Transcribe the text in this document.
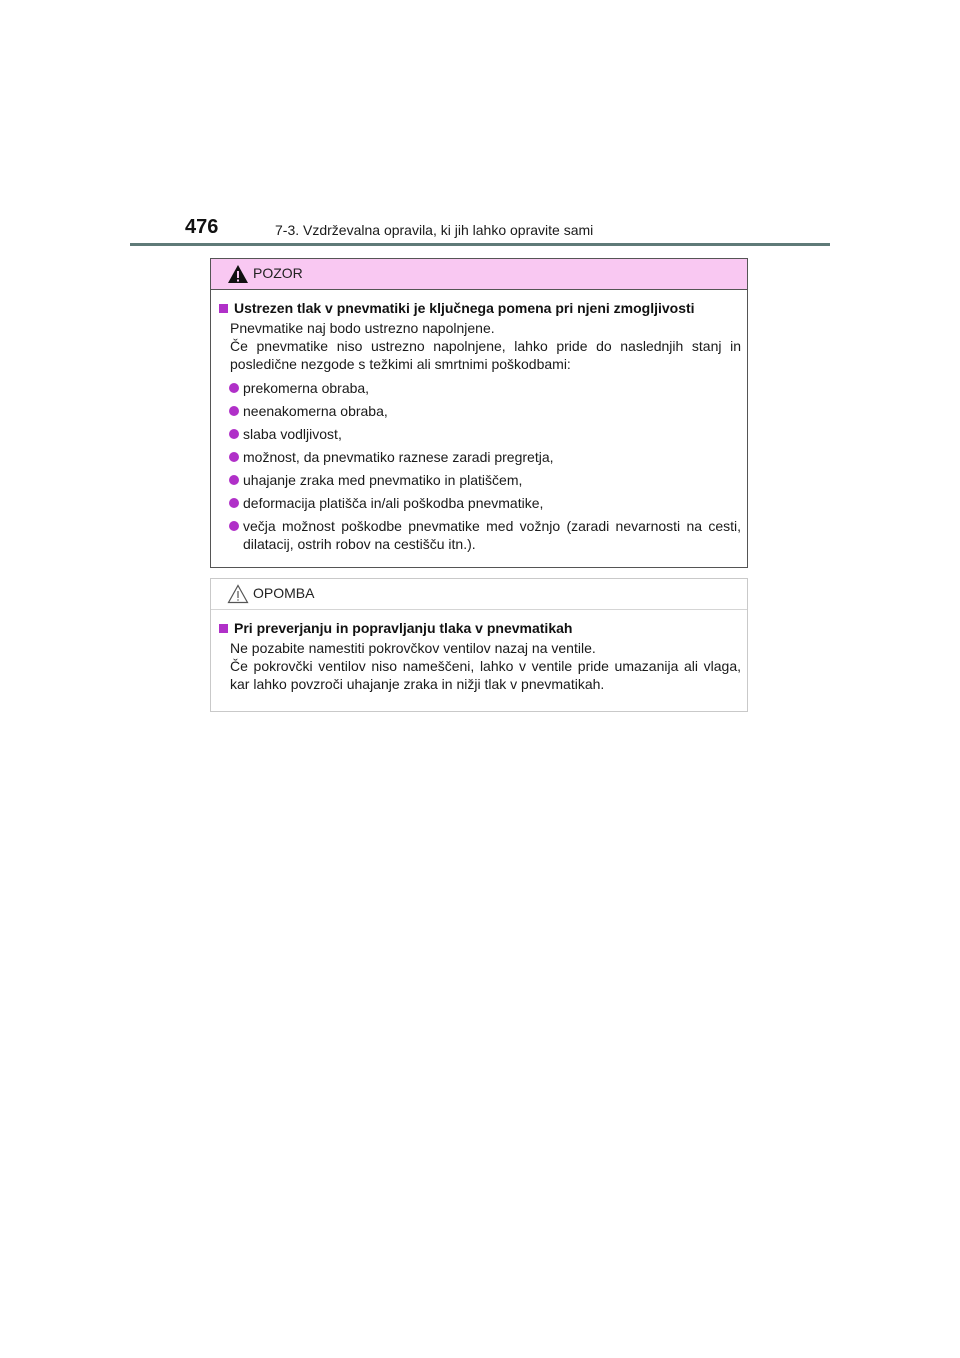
476	7-3. Vzdrževalna opravila, ki jih lahko opravite sami
POZOR
Ustrezen tlak v pnevmatiki je ključnega pomena pri njeni zmogljivosti

Pnevmatike naj bodo ustrezno napolnjene.

Če pnevmatike niso ustrezno napolnjene, lahko pride do naslednjih stanj in posledične nezgode s težkimi ali smrtnimi poškodbami:

prekomerna obraba,
neenakomerna obraba,
slaba vodljivost,
možnost, da pnevmatiko raznese zaradi pregretja,
uhajanje zraka med pnevmatiko in platiščem,
deformacija platišča in/ali poškodba pnevmatike,
večja možnost poškodbe pnevmatike med vožnjo (zaradi nevarnosti na cesti, dilatacij, ostrih robov na cestišču itn.).
OPOMBA
Pri preverjanju in popravljanju tlaka v pnevmatikah

Ne pozabite namestiti pokrovčkov ventilov nazaj na ventile.

Če pokrovčki ventilov niso nameščeni, lahko v ventile pride umazanija ali vlaga, kar lahko povzroči uhajanje zraka in nižji tlak v pnevmatikah.
